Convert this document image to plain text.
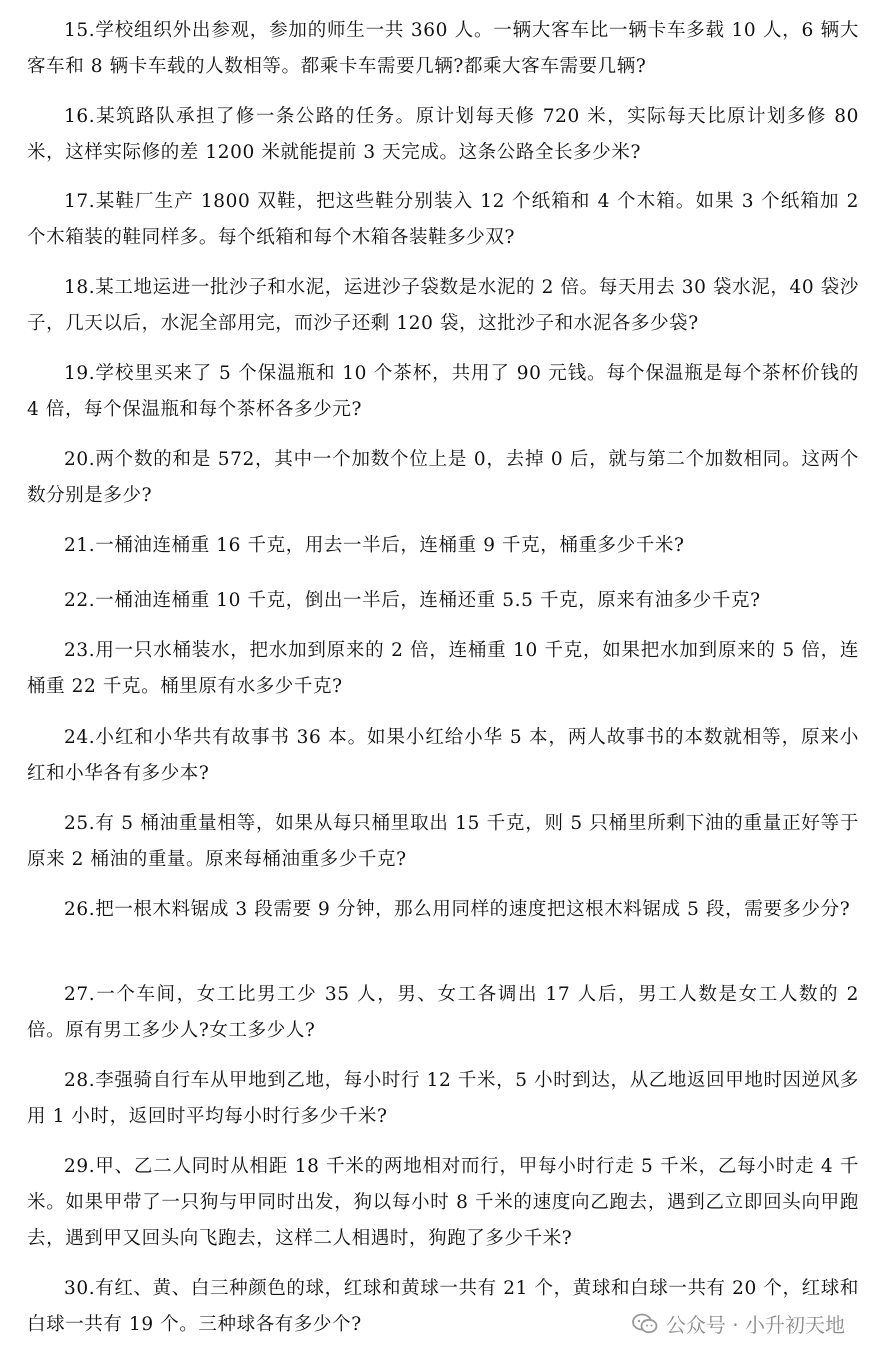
15.学校组织外出参观，参加的师生一共 360 人。一辆大客车比一辆卡车多载 10 人，6 辆大客车和 8 辆卡车载的人数相等。都乘卡车需要几辆?都乘大客车需要几辆?

16.某筑路队承担了修一条公路的任务。原计划每天修 720 米，实际每天比原计划多修 80 米，这样实际修的差 1200 米就能提前 3 天完成。这条公路全长多少米?

17.某鞋厂生产 1800 双鞋，把这些鞋分别装入 12 个纸箱和 4 个木箱。如果 3 个纸箱加 2 个木箱装的鞋同样多。每个纸箱和每个木箱各装鞋多少双?

18.某工地运进一批沙子和水泥，运进沙子袋数是水泥的 2 倍。每天用去 30 袋水泥，40 袋沙子，几天以后，水泥全部用完，而沙子还剩 120 袋，这批沙子和水泥各多少袋?

19.学校里买来了 5 个保温瓶和 10 个茶杯，共用了 90 元钱。每个保温瓶是每个茶杯价钱的 4 倍，每个保温瓶和每个茶杯各多少元?

20.两个数的和是 572，其中一个加数个位上是 0，去掉 0 后，就与第二个加数相同。这两个数分别是多少?

21.一桶油连桶重 16 千克，用去一半后，连桶重 9 千克，桶重多少千米?

22.一桶油连桶重 10 千克，倒出一半后，连桶还重 5.5 千克，原来有油多少千克?

23.用一只水桶装水，把水加到原来的 2 倍，连桶重 10 千克，如果把水加到原来的 5 倍，连桶重 22 千克。桶里原有水多少千克?

24.小红和小华共有故事书 36 本。如果小红给小华 5 本，两人故事书的本数就相等，原来小红和小华各有多少本?

25.有 5 桶油重量相等，如果从每只桶里取出 15 千克，则 5 只桶里所剩下油的重量正好等于原来 2 桶油的重量。原来每桶油重多少千克?

26.把一根木料锯成 3 段需要 9 分钟，那么用同样的速度把这根木料锯成 5 段，需要多少分?

27.一个车间，女工比男工少 35 人，男、女工各调出 17 人后，男工人数是女工人数的 2 倍。原有男工多少人?女工多少人?

28.李强骑自行车从甲地到乙地，每小时行 12 千米，5 小时到达，从乙地返回甲地时因逆风多用 1 小时，返回时平均每小时行多少千米?

29.甲、乙二人同时从相距 18 千米的两地相对而行，甲每小时行走 5 千米，乙每小时走 4 千米。如果甲带了一只狗与甲同时出发，狗以每小时 8 千米的速度向乙跑去，遇到乙立即回头向甲跑去，遇到甲又回头向飞跑去，这样二人相遇时，狗跑了多少千米?

30.有红、黄、白三种颜色的球，红球和黄球一共有 21 个，黄球和白球一共有 20 个，红球和白球一共有 19 个。三种球各有多少个?	公众号 · 小升初天地
